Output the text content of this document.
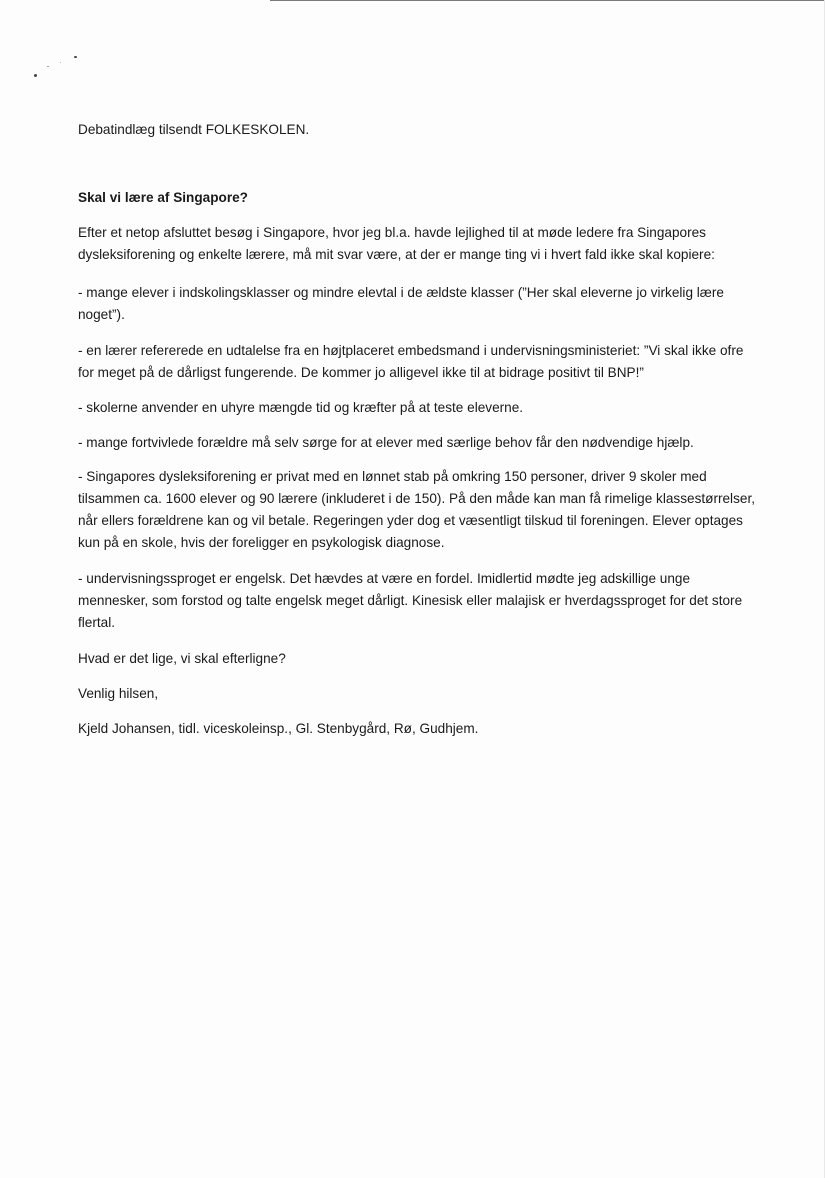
Debatindlæg tilsendt FOLKESKOLEN.

Skal vi lære af Singapore?

Efter et netop afsluttet besøg i Singapore, hvor jeg bl.a. havde lejlighed til at møde ledere fra Singapores dysleksiforening og enkelte lærere, må mit svar være, at der er mange ting vi i hvert fald ikke skal kopiere:

- mange elever i indskolingsklasser og mindre elevtal i de ældste klasser (”Her skal eleverne jo virkelig lære noget”).

- en lærer refererede en udtalelse fra en højtplaceret embedsmand i undervisningsministeriet: ”Vi skal ikke ofre for meget på de dårligst fungerende. De kommer jo alligevel ikke til at bidrage positivt til BNP!”

- skolerne anvender en uhyre mængde tid og kræfter på at teste eleverne.

- mange fortvivlede forældre må selv sørge for at elever med særlige behov får den nødvendige hjælp.

- Singapores dysleksiforening er privat med en lønnet stab på omkring 150 personer, driver 9 skoler med tilsammen ca. 1600 elever og 90 lærere (inkluderet i de 150). På den måde kan man få rimelige klassestørrelser, når ellers forældrene kan og vil betale. Regeringen yder dog et væsentligt tilskud til foreningen. Elever optages kun på en skole, hvis der foreligger en psykologisk diagnose.

- undervisningssproget er engelsk. Det hævdes at være en fordel. Imidlertid mødte jeg adskillige unge mennesker, som forstod og talte engelsk meget dårligt. Kinesisk eller malajisk er hverdagssproget for det store flertal.

Hvad er det lige, vi skal efterligne?

Venlig hilsen,

Kjeld Johansen, tidl. viceskoleinsp., Gl. Stenbygård, Rø, Gudhjem.
